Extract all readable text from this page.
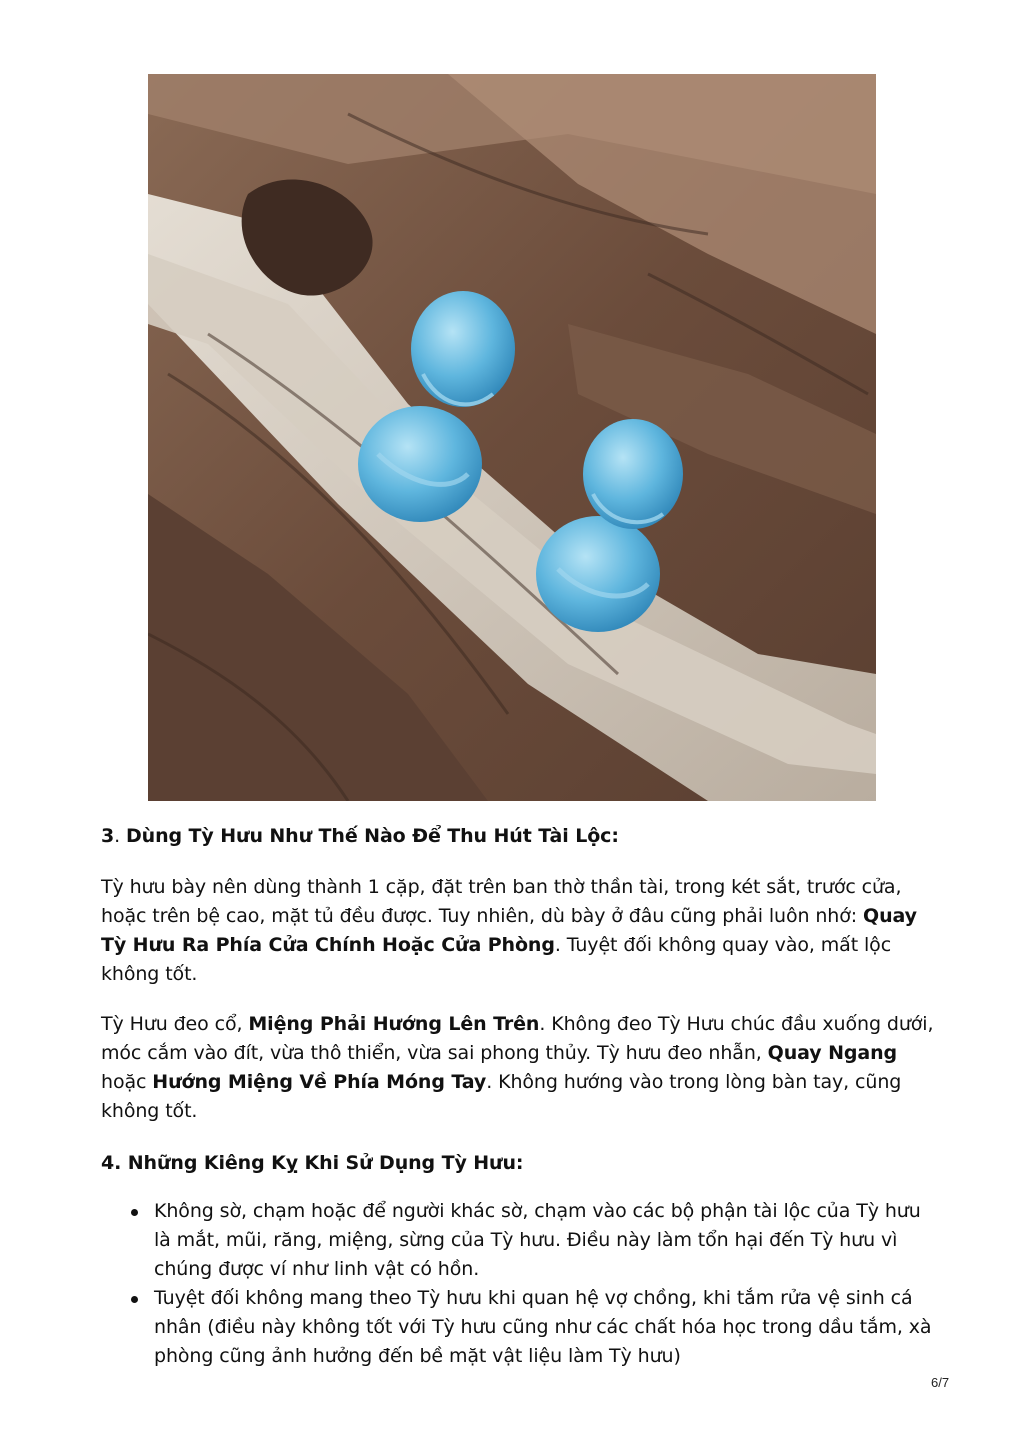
3. Dùng Tỳ Hưu Như Thế Nào Để Thu Hút Tài Lộc:

Tỳ hưu bày nên dùng thành 1 cặp, đặt trên ban thờ thần tài, trong két sắt, trước cửa, hoặc trên bệ cao, mặt tủ đều được. Tuy nhiên, dù bày ở đâu cũng phải luôn nhớ: Quay Tỳ Hưu Ra Phía Cửa Chính Hoặc Cửa Phòng. Tuyệt đối không quay vào, mất lộc không tốt.

Tỳ Hưu đeo cổ, Miệng Phải Hướng Lên Trên. Không đeo Tỳ Hưu chúc đầu xuống dưới, móc cắm vào đít, vừa thô thiển, vừa sai phong thủy. Tỳ hưu đeo nhẫn, Quay Ngang hoặc Hướng Miệng Về Phía Móng Tay. Không hướng vào trong lòng bàn tay, cũng không tốt.

4. Những Kiêng Kỵ Khi Sử Dụng Tỳ Hưu:

Không sờ, chạm hoặc để người khác sờ, chạm vào các bộ phận tài lộc của Tỳ hưu là mắt, mũi, răng, miệng, sừng của Tỳ hưu. Điều này làm tổn hại đến Tỳ hưu vì chúng được ví như linh vật có hồn.
Tuyệt đối không mang theo Tỳ hưu khi quan hệ vợ chồng, khi tắm rửa vệ sinh cá nhân (điều này không tốt với Tỳ hưu cũng như các chất hóa học trong dầu tắm, xà phòng cũng ảnh hưởng đến bề mặt vật liệu làm Tỳ hưu)
6/7
